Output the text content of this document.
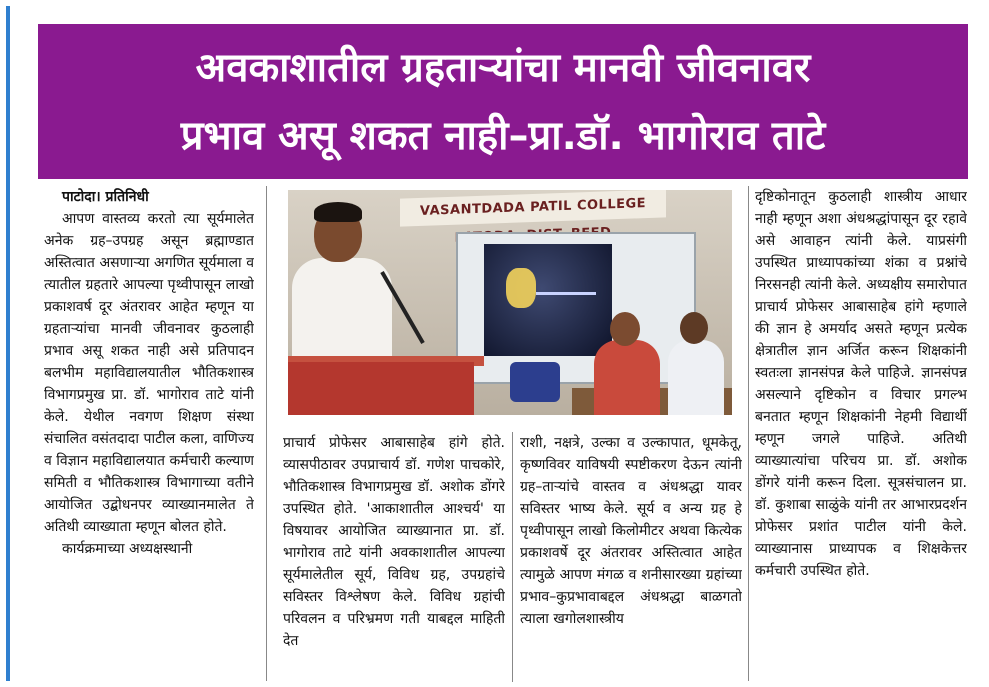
अवकाशातील ग्रहताऱ्यांचा मानवी जीवनावर
प्रभाव असू शकत नाही–प्रा.डॉ. भागोराव ताटे

पाटोदा। प्रतिनिधी

आपण वास्तव्य करतो त्या सूर्यमालेत अनेक ग्रह–उपग्रह असून ब्रह्माण्डात अस्तित्वात असणाऱ्या अगणित सूर्यमाला व त्यातील ग्रहतारे आपल्या पृथ्वीपासून लाखो प्रकाशवर्ष दूर अंतरावर आहेत म्हणून या ग्रहताऱ्यांचा मानवी जीवनावर कुठलाही प्रभाव असू शकत नाही असे प्रतिपादन बलभीम महाविद्यालयातील भौतिकशास्त्र विभागप्रमुख प्रा. डॉ. भागोराव ताटे यांनी केले. येथील नवगण शिक्षण संस्था संचालित वसंतदादा पाटील कला, वाणिज्य व विज्ञान महाविद्यालयात कर्मचारी कल्याण समिती व भौतिकशास्त्र विभागाच्या वतीने आयोजित उद्बोधनपर व्याख्यानमालेत ते अतिथी व्याख्याता म्हणून बोलत होते.

कार्यक्रमाच्या अध्यक्षस्थानी

VASANTDADA PATIL COLLEGE

प्राचार्य प्रोफेसर आबासाहेब हांगे होते. व्यासपीठावर उपप्राचार्य डॉ. गणेश पाचकोरे, भौतिकशास्त्र विभागप्रमुख डॉ. अशोक डोंगरे उपस्थित होते. 'आकाशातील आश्चर्य' या विषयावर आयोजित व्याख्यानात प्रा. डॉ. भागोराव ताटे यांनी अवकाशातील आपल्या सूर्यमालेतील सूर्य, विविध ग्रह, उपग्रहांचे सविस्तर विश्लेषण केले. विविध ग्रहांची परिवलन व परिभ्रमण गती याबद्दल माहिती देत

राशी, नक्षत्रे, उल्का व उल्कापात, धूमकेतू, कृष्णविवर याविषयी स्पष्टीकरण देऊन त्यांनी ग्रह–ताऱ्यांचे वास्तव व अंधश्रद्धा यावर सविस्तर भाष्य केले. सूर्य व अन्य ग्रह हे पृथ्वीपासून लाखो किलोमीटर अथवा कित्येक प्रकाशवर्षे दूर अंतरावर अस्तित्वात आहेत त्यामुळे आपण मंगळ व शनीसारख्या ग्रहांच्या प्रभाव–कुप्रभावाबद्दल अंधश्रद्धा बाळगतो त्याला खगोलशास्त्रीय

दृष्टिकोनातून कुठलाही शास्त्रीय आधार नाही म्हणून अशा अंधश्रद्धांपासून दूर रहावे असे आवाहन त्यांनी केले. याप्रसंगी उपस्थित प्राध्यापकांच्या शंका व प्रश्नांचे निरसनही त्यांनी केले. अध्यक्षीय समारोपात प्राचार्य प्रोफेसर आबासाहेब हांगे म्हणाले की ज्ञान हे अमर्याद असते म्हणून प्रत्येक क्षेत्रातील ज्ञान अर्जित करून शिक्षकांनी स्वतःला ज्ञानसंपन्न केले पाहिजे. ज्ञानसंपन्न असल्याने दृष्टिकोन व विचार प्रगल्भ बनतात म्हणून शिक्षकांनी नेहमी विद्यार्थी म्हणून जगले पाहिजे. अतिथी व्याख्यात्यांचा परिचय प्रा. डॉ. अशोक डोंगरे यांनी करून दिला. सूत्रसंचालन प्रा. डॉ. कुशाबा साळुंके यांनी तर आभारप्रदर्शन प्रोफेसर प्रशांत पाटील यांनी केले. व्याख्यानास प्राध्यापक व शिक्षकेत्तर कर्मचारी उपस्थित होते.
